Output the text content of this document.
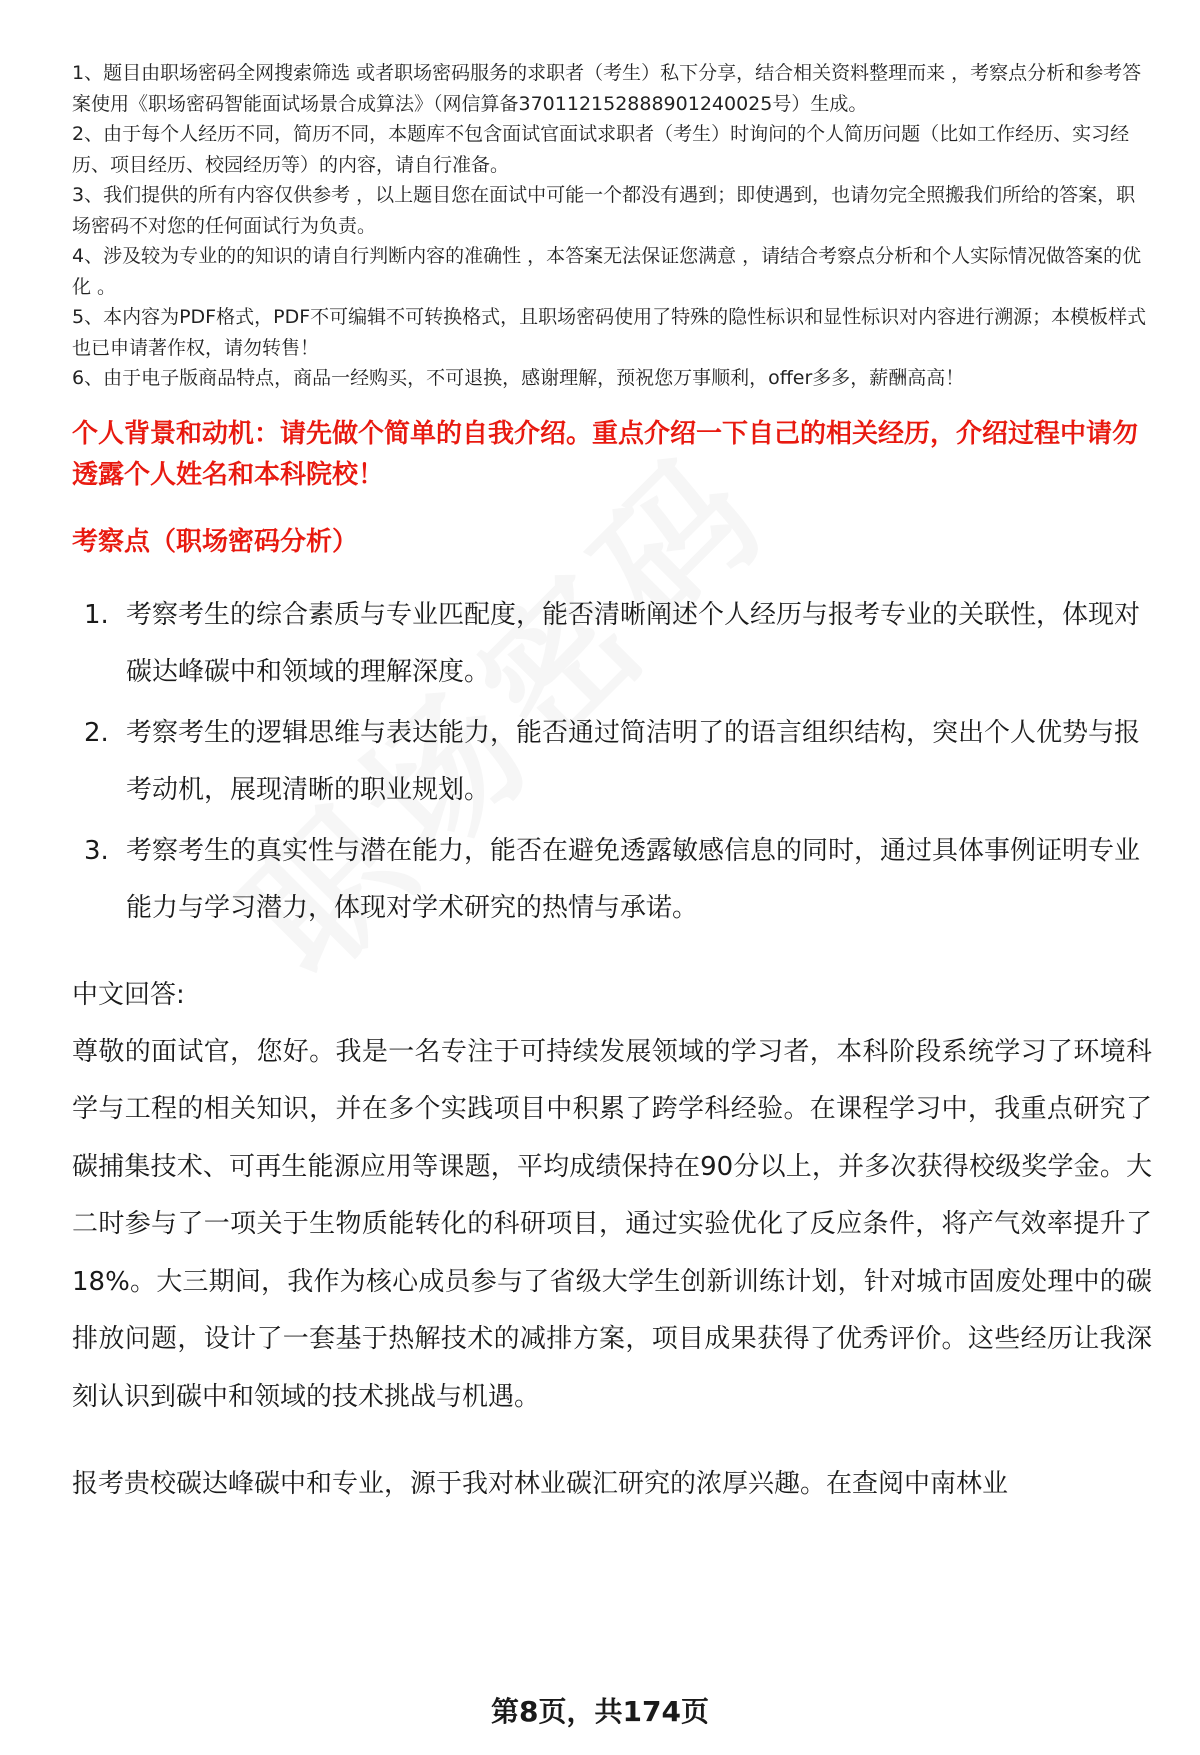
1、题目由职场密码全网搜索筛选 或者职场密码服务的求职者（考生）私下分享，结合相关资料整理而来 ，考察点分析和参考答案使用《职场密码智能面试场景合成算法》（网信算备370112152888901240025号）生成。

2、由于每个人经历不同，简历不同，本题库不包含面试官面试求职者（考生）时询问的个人简历问题（比如工作经历、实习经历、项目经历、校园经历等）的内容，请自行准备。

3、我们提供的所有内容仅供参考 ，以上题目您在面试中可能一个都没有遇到；即使遇到，也请勿完全照搬我们所给的答案，职场密码不对您的任何面试行为负责。

4、涉及较为专业的的知识的请自行判断内容的准确性 ，本答案无法保证您满意 ，请结合考察点分析和个人实际情况做答案的优化 。

5、本内容为PDF格式，PDF不可编辑不可转换格式，且职场密码使用了特殊的隐性标识和显性标识对内容进行溯源；本模板样式也已申请著作权，请勿转售！

6、由于电子版商品特点，商品一经购买，不可退换，感谢理解，预祝您万事顺利，offer多多，薪酬高高！

个人背景和动机：请先做个简单的自我介绍。重点介绍一下自己的相关经历，介绍过程中请勿透露个人姓名和本科院校！
考察点（职场密码分析）
1. 考察考生的综合素质与专业匹配度，能否清晰阐述个人经历与报考专业的关联性，体现对碳达峰碳中和领域的理解深度。
2. 考察考生的逻辑思维与表达能力，能否通过简洁明了的语言组织结构，突出个人优势与报考动机，展现清晰的职业规划。
3. 考察考生的真实性与潜在能力，能否在避免透露敏感信息的同时，通过具体事例证明专业能力与学习潜力，体现对学术研究的热情与承诺。
中文回答:

尊敬的面试官，您好。我是一名专注于可持续发展领域的学习者，本科阶段系统学习了环境科学与工程的相关知识，并在多个实践项目中积累了跨学科经验。在课程学习中，我重点研究了碳捕集技术、可再生能源应用等课题，平均成绩保持在90分以上，并多次获得校级奖学金。大二时参与了一项关于生物质能转化的科研项目，通过实验优化了反应条件，将产气效率提升了18%。大三期间，我作为核心成员参与了省级大学生创新训练计划，针对城市固废处理中的碳排放问题，设计了一套基于热解技术的减排方案，项目成果获得了优秀评价。这些经历让我深刻认识到碳中和领域的技术挑战与机遇。

报考贵校碳达峰碳中和专业，源于我对林业碳汇研究的浓厚兴趣。在查阅中南林业

第8页，共174页
